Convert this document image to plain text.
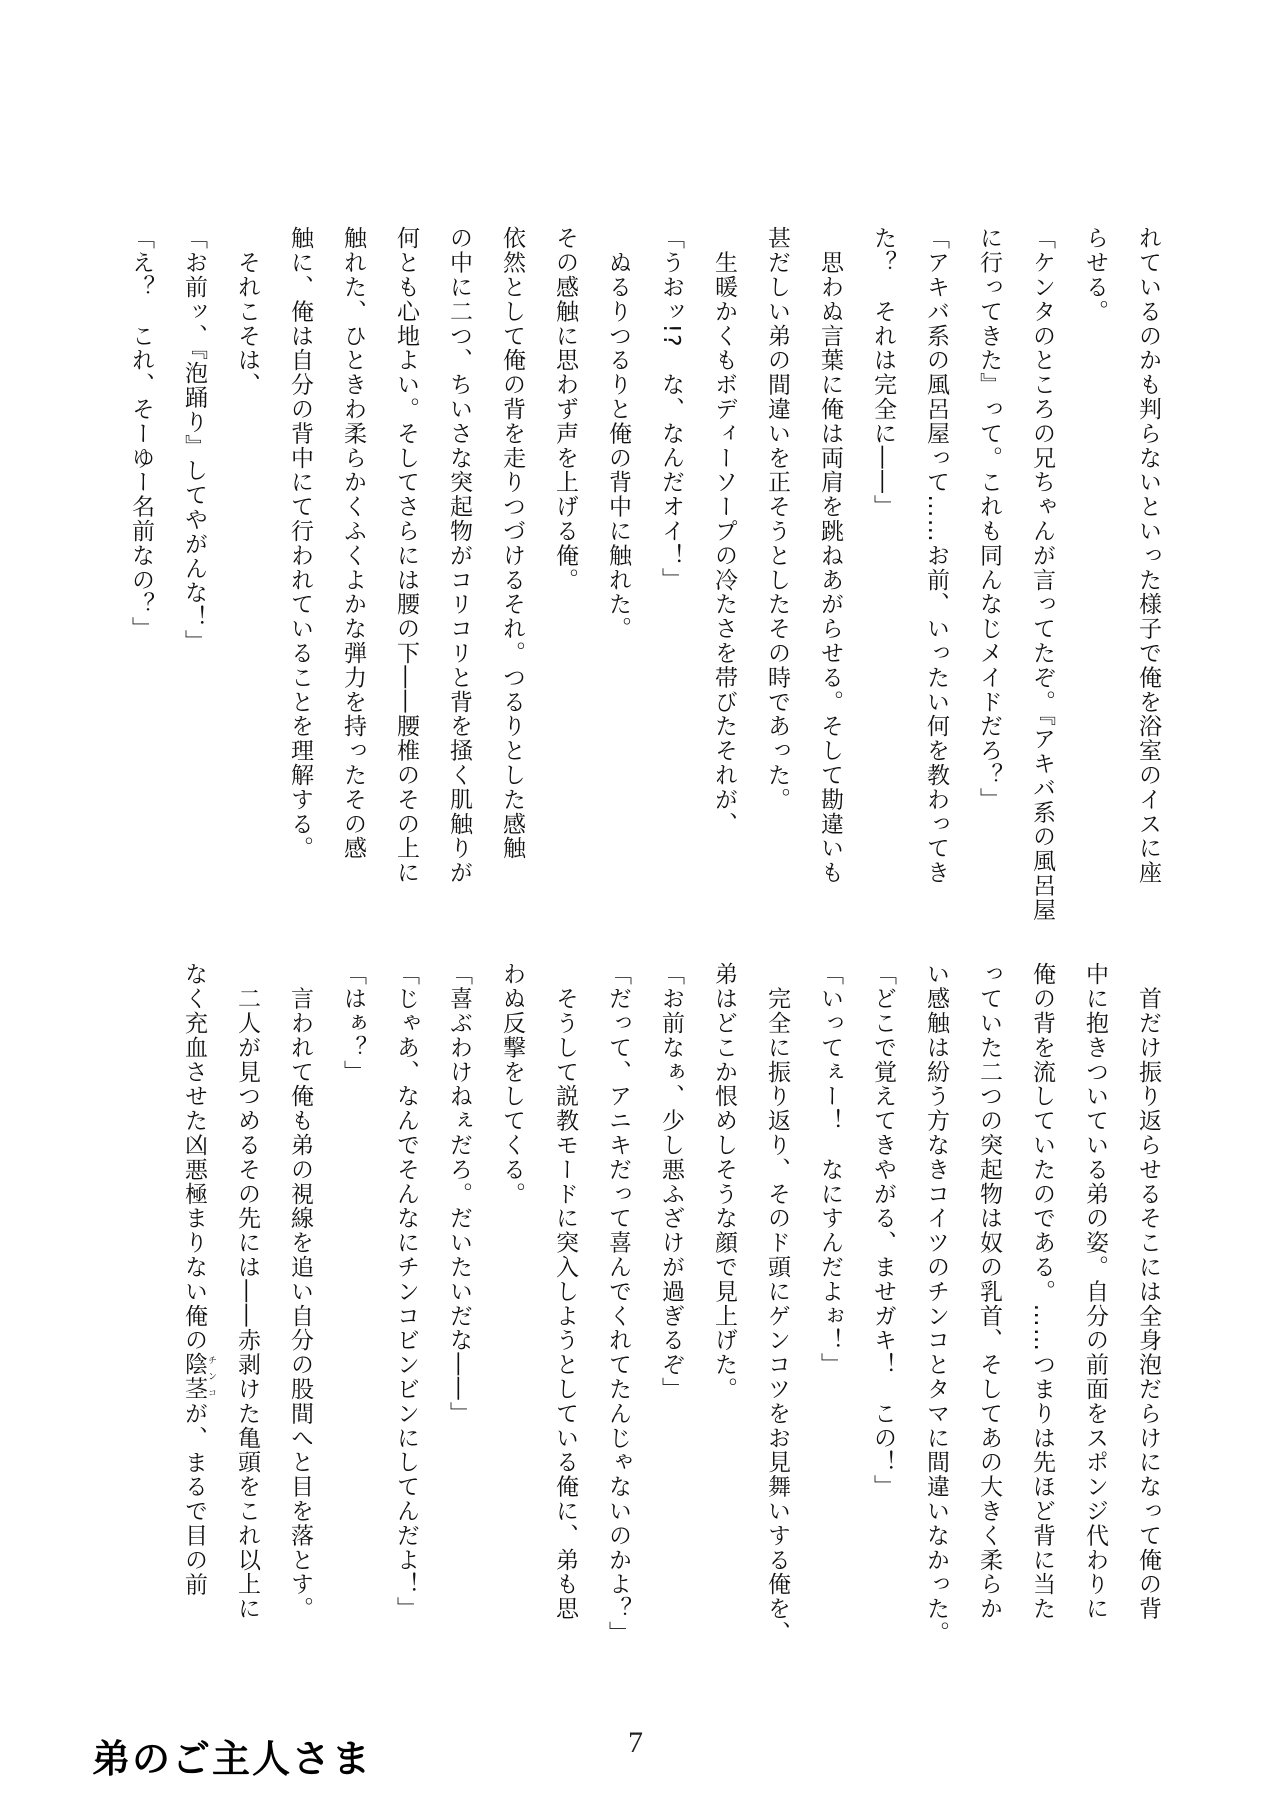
れているのかも判らないといった様子で俺を浴室のイスに座
らせる。
「ケンタのところの兄ちゃんが言ってたぞ。『アキバ系の風呂屋
に行ってきた』って。これも同んなじメイドだろ？」
「アキバ系の風呂屋って……お前、いったい何を教わってき
た？　それは完全に――」
　思わぬ言葉に俺は両肩を跳ねあがらせる。そして勘違いも
甚だしい弟の間違いを正そうとしたその時であった。
　生暖かくもボディーソープの冷たさを帯びたそれが、
「うおッ!?　な、なんだオイ！」
　ぬるりつるりと俺の背中に触れた。
その感触に思わず声を上げる俺。
依然として俺の背を走りつづけるそれ。つるりとした感触
の中に二つ、ちいさな突起物がコリコリと背を掻く肌触りが
何とも心地よい。そしてさらには腰の下――腰椎のその上に
触れた、ひときわ柔らかくふくよかな弾力を持ったその感
触に、俺は自分の背中にて行われていることを理解する。
　それこそは、
「お前ッ、『泡踊り』してやがんな！」
「え？　これ、そーゆー名前なの？」
　首だけ振り返らせるそこには全身泡だらけになって俺の背
中に抱きついている弟の姿。自分の前面をスポンジ代わりに
俺の背を流していたのである。……つまりは先ほど背に当た
っていた二つの突起物は奴の乳首、そしてあの大きく柔らか
い感触は紛う方なきコイツのチンコとタマに間違いなかった。
「どこで覚えてきやがる、ませガキ！　この！」
「いってぇー！　なにすんだよぉ！」
　完全に振り返り、そのド頭にゲンコツをお見舞いする俺を、
弟はどこか恨めしそうな顔で見上げた。
「お前なぁ、少し悪ふざけが過ぎるぞ」
「だって、アニキだって喜んでくれてたんじゃないのかよ？」
　そうして説教モードに突入しようとしている俺に、弟も思
わぬ反撃をしてくる。
「喜ぶわけねぇだろ。だいたいだな――」
「じゃあ、なんでそんなにチンコビンビンにしてんだよ！」
「はぁ？」
　言われて俺も弟の視線を追い自分の股間へと目を落とす。
　二人が見つめるその先には――赤剥けた亀頭をこれ以上に
なく充血させた凶悪極まりない俺の陰茎 チンコが、まるで目の前
弟のご主人さま	7
